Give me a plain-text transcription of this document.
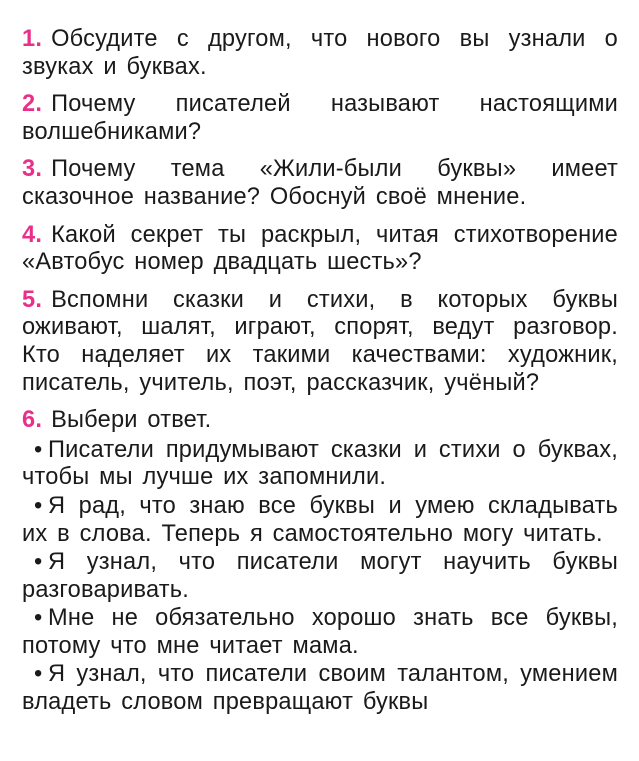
1. Обсудите с другом, что нового вы узнали о звуках и буквах.

2. Почему писателей называют настоящими волшебниками?

3. Почему тема «Жили-были буквы» имеет сказочное название? Обоснуй своё мнение.

4. Какой секрет ты раскрыл, читая стихотворение «Автобус номер двадцать шесть»?

5. Вспомни сказки и стихи, в которых буквы оживают, шалят, играют, спорят, ведут разговор. Кто наделяет их такими качествами: художник, писатель, учитель, поэт, рассказчик, учёный?

6. Выбери ответ.

• Писатели придумывают сказки и стихи о буквах, чтобы мы лучше их запомнили.

• Я рад, что знаю все буквы и умею складывать их в слова. Теперь я самостоятельно могу читать.

• Я узнал, что писатели могут научить буквы разговаривать.

• Мне не обязательно хорошо знать все буквы, потому что мне читает мама.

• Я узнал, что писатели своим талантом, умением владеть словом превращают буквы
